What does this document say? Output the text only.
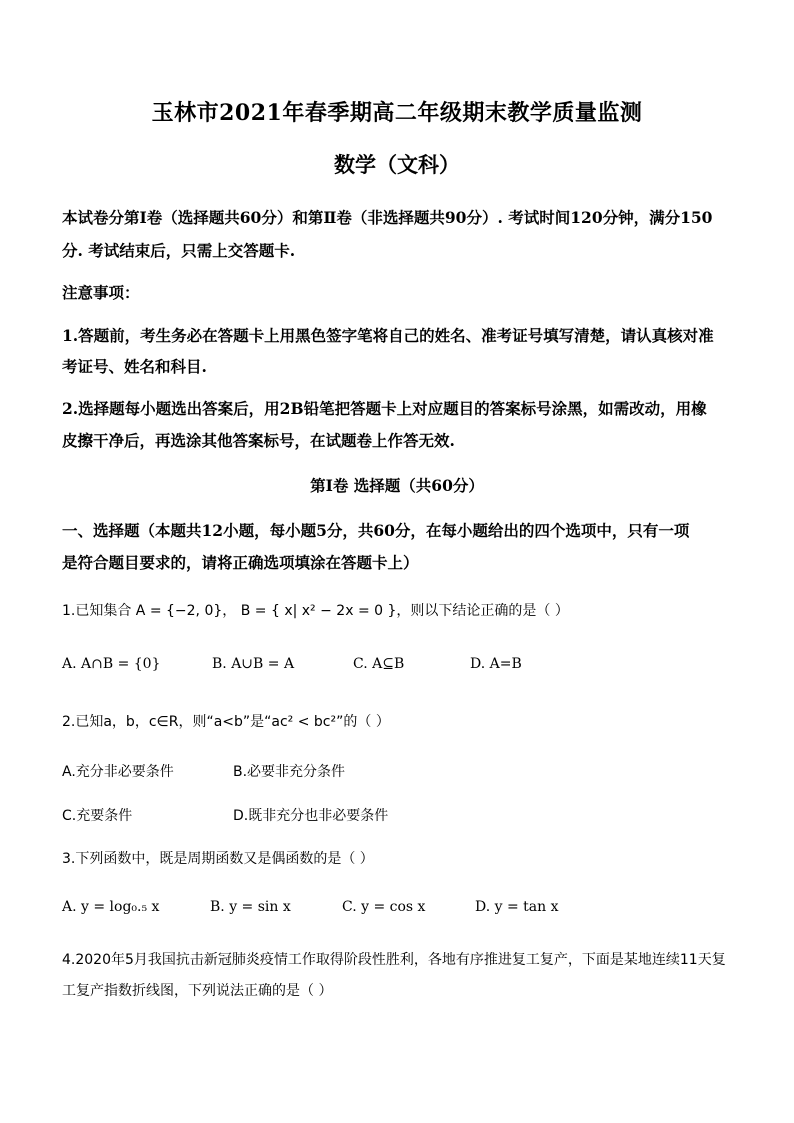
玉林市2021年春季期高二年级期末教学质量监测
数学（文科）
本试卷分第Ⅰ卷（选择题共60分）和第Ⅱ卷（非选择题共90分）. 考试时间120分钟，满分150
分. 考试结束后，只需上交答题卡.
注意事项：
1.答题前，考生务必在答题卡上用黑色签字笔将自己的姓名、准考证号填写清楚，请认真核对准
考证号、姓名和科目.
2.选择题每小题选出答案后，用2B铅笔把答题卡上对应题目的答案标号涂黑，如需改动，用橡
皮擦干净后，再选涂其他答案标号，在试题卷上作答无效.
第Ⅰ卷 选择题（共60分）
一、选择题（本题共12小题，每小题5分，共60分，在每小题给出的四个选项中，只有一项
是符合题目要求的，请将正确选项填涂在答题卡上）
1.已知集合 A = {−2, 0}， B = { x| x² − 2x = 0 }，则以下结论正确的是（ ）
A. A∩B = {0}	B. A∪B = A	C. A⊆B	D. A=B
2.已知a，b，c∈R，则“a<b”是“ac² < bc²”的（ ）
A.充分非必要条件	B.必要非充分条件
C.充要条件	D.既非充分也非必要条件
3.下列函数中，既是周期函数又是偶函数的是（ ）
A. y = log₀.₅ x	B. y = sin x	C. y = cos x	D. y = tan x
4.2020年5月我国抗击新冠肺炎疫情工作取得阶段性胜利，各地有序推进复工复产，下面是某地连续11天复
工复产指数折线图，下列说法正确的是（ ）
